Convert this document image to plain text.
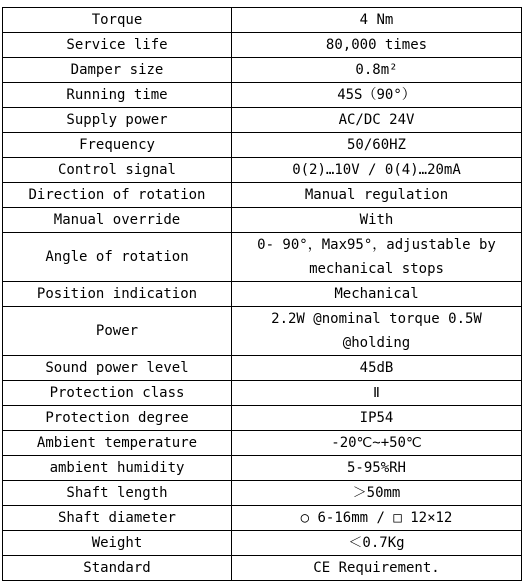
Torque	4 Nm
Service life	80,000 times
Damper size	0.8m²
Running time	45S（90°）
Supply power	AC/DC 24V
Frequency	50/60HZ
Control signal	0(2)…10V / 0(4)…20mA
Direction of rotation	Manual regulation
Manual override	With
Angle of rotation	0- 90°，Max95°，adjustable by mechanical stops
Position indication	Mechanical
Power	2.2W @nominal torque 0.5W @holding
Sound power level	45dB
Protection class	Ⅱ
Protection degree	IP54
Ambient temperature	-20℃~+50℃
ambient humidity	5-95%RH
Shaft length	＞50mm
Shaft diameter	○ 6-16mm / □ 12×12
Weight	＜0.7Kg
Standard	CE Requirement.
